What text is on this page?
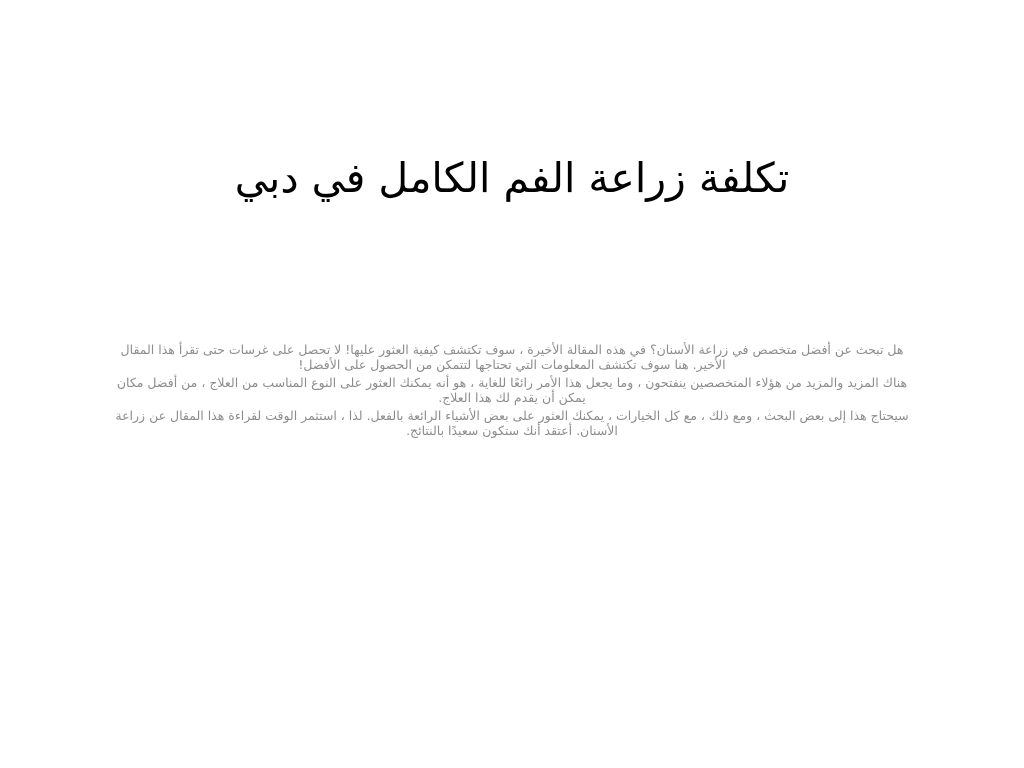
تكلفة زراعة الفم الكامل في دبي

هل تبحث عن أفضل متخصص في زراعة الأسنان؟ في هذه المقالة الأخيرة ، سوف تكتشف كيفية العثور عليها! لا تحصل على غرسات حتى تقرأ هذا المقال الأخير. هنا سوف تكتشف المعلومات التي تحتاجها لتتمكن من الحصول على الأفضل!

هناك المزيد والمزيد من هؤلاء المتخصصين ينفتحون ، وما يجعل هذا الأمر رائعًا للغاية ، هو أنه يمكنك العثور على النوع المناسب من العلاج ، من أفضل مكان يمكن أن يقدم لك هذا العلاج.

سيحتاج هذا إلى بعض البحث ، ومع ذلك ، مع كل الخيارات ، يمكنك العثور على بعض الأشياء الرائعة بالفعل. لذا ، استثمر الوقت لقراءة هذا المقال عن زراعة الأسنان. أعتقد أنك ستكون سعيدًا بالنتائج.
